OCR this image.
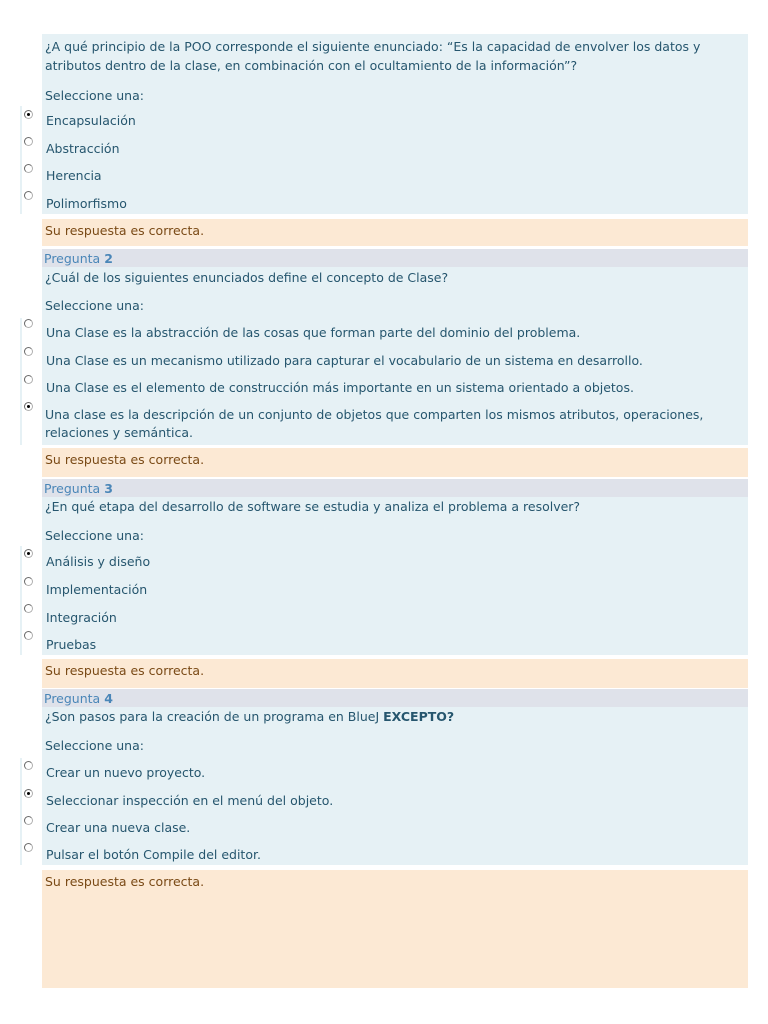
¿A qué principio de la POO corresponde el siguiente enunciado: “Es la capacidad de envolver los datos y atributos dentro de la clase, en combinación con el ocultamiento de la información”?
Seleccione una:
Encapsulación
Abstracción
Herencia
Polimorfismo
Su respuesta es correcta.
Pregunta 2
¿Cuál de los siguientes enunciados define el concepto de Clase?
Seleccione una:
Una Clase es la abstracción de las cosas que forman parte del dominio del problema.
Una Clase es un mecanismo utilizado para capturar el vocabulario de un sistema en desarrollo.
Una Clase es el elemento de construcción más importante en un sistema orientado a objetos.
Una clase es la descripción de un conjunto de objetos que comparten los mismos atributos, operaciones, relaciones y semántica.
Su respuesta es correcta.
Pregunta 3
¿En qué etapa del desarrollo de software se estudia y analiza el problema a resolver?
Seleccione una:
Análisis y diseño
Implementación
Integración
Pruebas
Su respuesta es correcta.
Pregunta 4
¿Son pasos para la creación de un programa en BlueJ EXCEPTO?
Seleccione una:
Crear un nuevo proyecto.
Seleccionar inspección en el menú del objeto.
Crear una nueva clase.
Pulsar el botón Compile del editor.
Su respuesta es correcta.
